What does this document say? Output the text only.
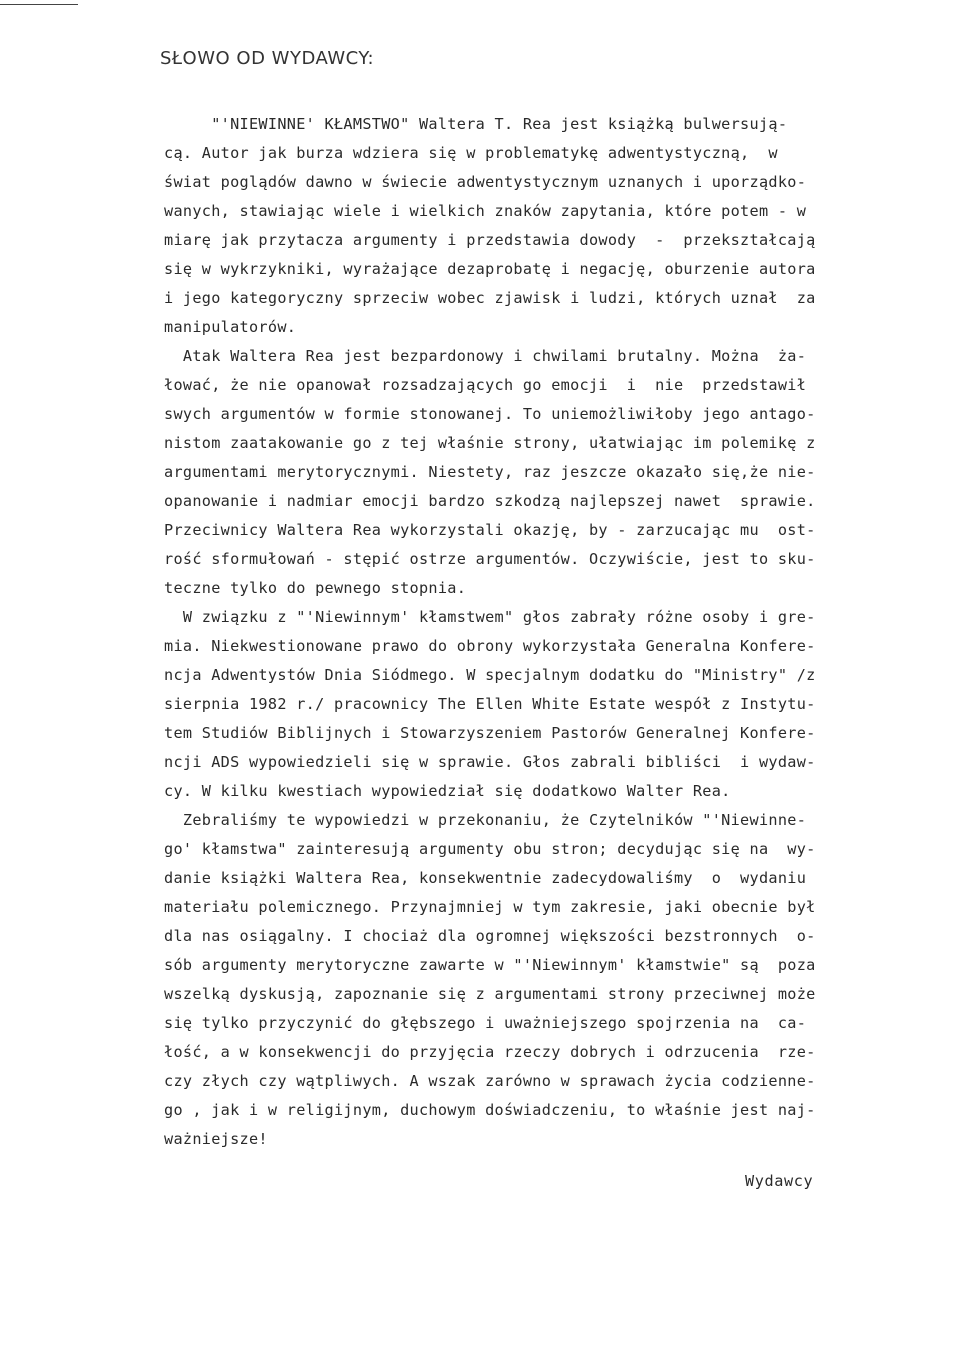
SŁOWO OD WYDAWCY:
"'NIEWINNE' KŁAMSTWO" Waltera T. Rea jest książką bulwersują-
cą. Autor jak burza wdziera się w problematykę adwentystyczną,  w
świat poglądów dawno w świecie adwentystycznym uznanych i uporządko-
wanych, stawiając wiele i wielkich znaków zapytania, które potem - w
miarę jak przytacza argumenty i przedstawia dowody  -  przekształcają
się w wykrzykniki, wyrażające dezaprobatę i negację, oburzenie autora
i jego kategoryczny sprzeciw wobec zjawisk i ludzi, których uznał  za
manipulatorów.
Atak Waltera Rea jest bezpardonowy i chwilami brutalny. Można  ża-
łować, że nie opanował rozsadzających go emocji  i  nie  przedstawił
swych argumentów w formie stonowanej. To uniemożliwiłoby jego antago-
nistom zaatakowanie go z tej właśnie strony, ułatwiając im polemikę z
argumentami merytorycznymi. Niestety, raz jeszcze okazało się,że nie-
opanowanie i nadmiar emocji bardzo szkodzą najlepszej nawet  sprawie.
Przeciwnicy Waltera Rea wykorzystali okazję, by - zarzucając mu  ost-
rość sformułowań - stępić ostrze argumentów. Oczywiście, jest to sku-
teczne tylko do pewnego stopnia.
W związku z "'Niewinnym' kłamstwem" głos zabrały różne osoby i gre-
mia. Niekwestionowane prawo do obrony wykorzystała Generalna Konfere-
ncja Adwentystów Dnia Siódmego. W specjalnym dodatku do "Ministry" /z
sierpnia 1982 r./ pracownicy The Ellen White Estate wespół z Instytu-
tem Studiów Biblijnych i Stowarzyszeniem Pastorów Generalnej Konfere-
ncji ADS wypowiedzieli się w sprawie. Głos zabrali bibliści  i wydaw-
cy. W kilku kwestiach wypowiedział się dodatkowo Walter Rea.
Zebraliśmy te wypowiedzi w przekonaniu, że Czytelników "'Niewinne-
go' kłamstwa" zainteresują argumenty obu stron; decydując się na  wy-
danie książki Waltera Rea, konsekwentnie zadecydowaliśmy  o  wydaniu
materiału polemicznego. Przynajmniej w tym zakresie, jaki obecnie był
dla nas osiągalny. I chociaż dla ogromnej większości bezstronnych  o-
sób argumenty merytoryczne zawarte w "'Niewinnym' kłamstwie" są  poza
wszelką dyskusją, zapoznanie się z argumentami strony przeciwnej może
się tylko przyczynić do głębszego i uważniejszego spojrzenia na  ca-
łość, a w konsekwencji do przyjęcia rzeczy dobrych i odrzucenia  rze-
czy złych czy wątpliwych. A wszak zarówno w sprawach życia codzienne-
go , jak i w religijnym, duchowym doświadczeniu, to właśnie jest naj-
ważniejsze!
Wydawcy
